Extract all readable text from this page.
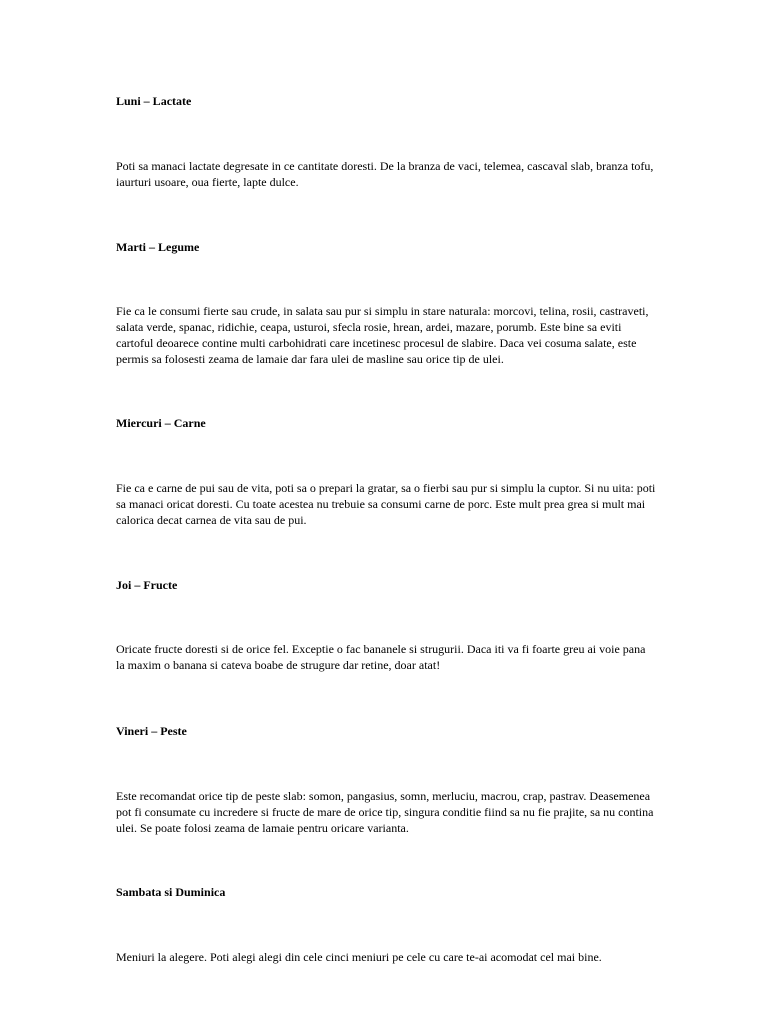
Luni – Lactate

Poti sa manaci lactate degresate in ce cantitate doresti. De la branza de vaci, telemea, cascaval slab, branza tofu, iaurturi usoare, oua fierte, lapte dulce.

Marti – Legume

Fie ca le consumi fierte sau crude, in salata sau pur si simplu in stare naturala: morcovi, telina, rosii, castraveti, salata verde, spanac, ridichie, ceapa, usturoi, sfecla rosie, hrean, ardei, mazare, porumb. Este bine sa eviti cartoful deoarece contine multi carbohidrati care incetinesc procesul de slabire. Daca vei cosuma salate, este permis sa folosesti zeama de lamaie dar fara ulei de masline sau orice tip de ulei.

Miercuri – Carne

Fie ca e carne de pui sau de vita, poti sa o prepari la gratar, sa o fierbi sau pur si simplu la cuptor. Si nu uita: poti sa manaci oricat doresti. Cu toate acestea nu trebuie sa consumi carne de porc. Este mult prea grea si mult mai calorica decat carnea de vita sau de pui.

Joi – Fructe

Oricate fructe doresti si de orice fel. Exceptie o fac bananele si strugurii. Daca iti va fi foarte greu ai voie pana la maxim o banana si cateva boabe de strugure dar retine, doar atat!

Vineri – Peste

Este recomandat orice tip de peste slab: somon, pangasius, somn, merluciu, macrou, crap, pastrav. Deasemenea pot fi consumate cu incredere si fructe de mare de orice tip, singura conditie fiind sa nu fie prajite, sa nu contina ulei. Se poate folosi zeama de lamaie pentru oricare varianta.

Sambata si Duminica

Meniuri la alegere. Poti alegi alegi din cele cinci meniuri pe cele cu care te-ai acomodat cel mai bine.
